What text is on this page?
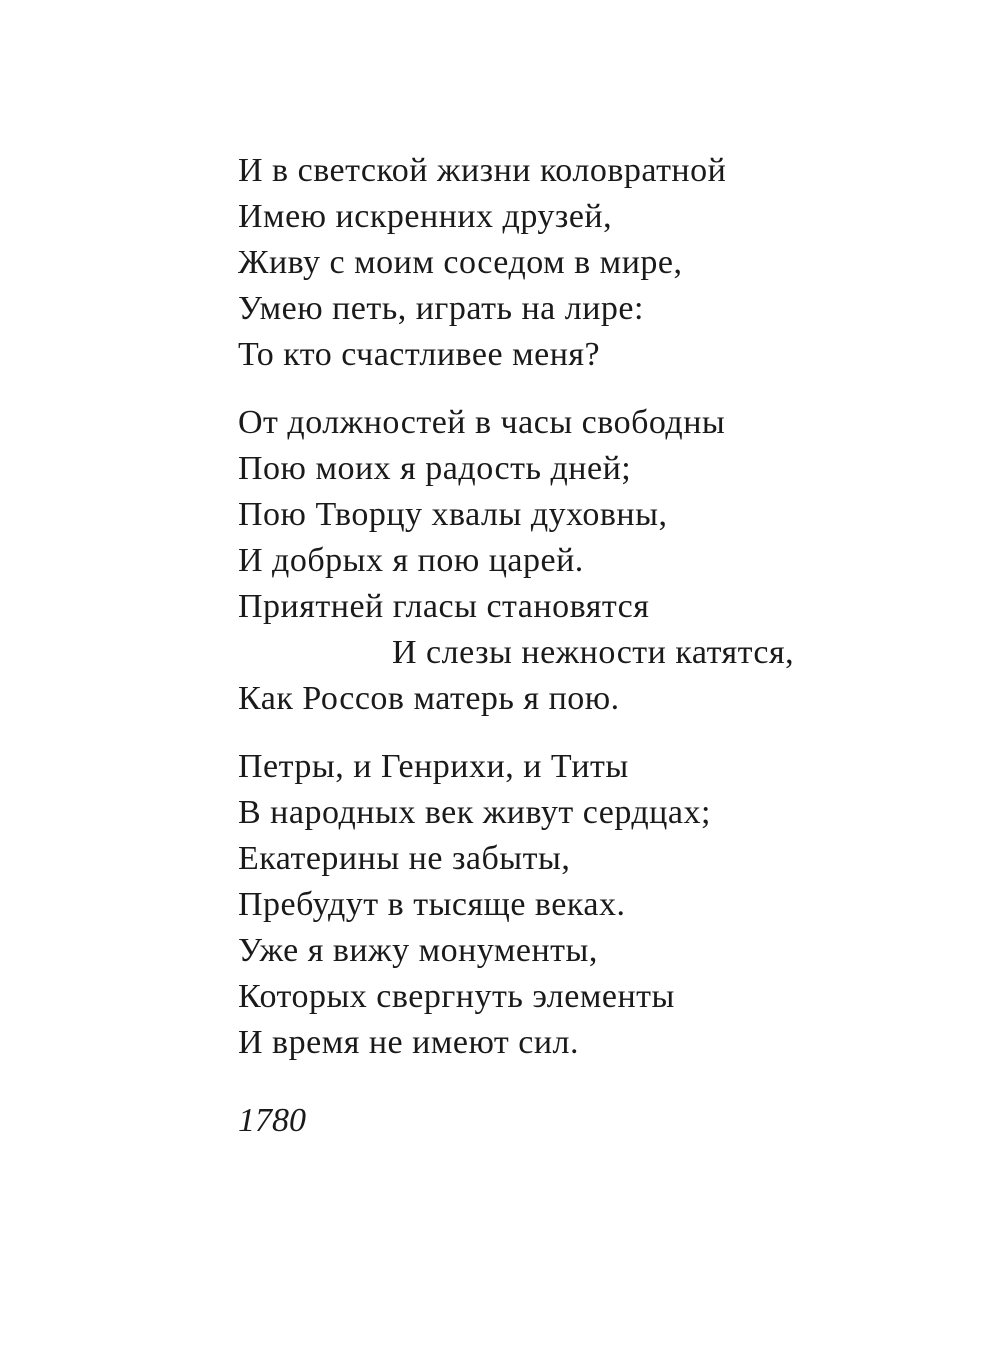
И в светской жизни коловратной
Имею искренних друзей,
Живу с моим соседом в мире,
Умею петь, играть на лире:
То кто счастливее меня?
От должностей в часы свободны
Пою моих я радость дней;
Пою Творцу хвалы духовны,
И добрых я пою царей.
Приятней гласы становятся
И слезы нежности катятся,
Как Россов матерь я пою.
Петры, и Генрихи, и Титы
В народных век живут сердцах;
Екатерины не забыты,
Пребудут в тысяще веках.
Уже я вижу монументы,
Которых свергнуть элементы
И время не имеют сил.
1780
